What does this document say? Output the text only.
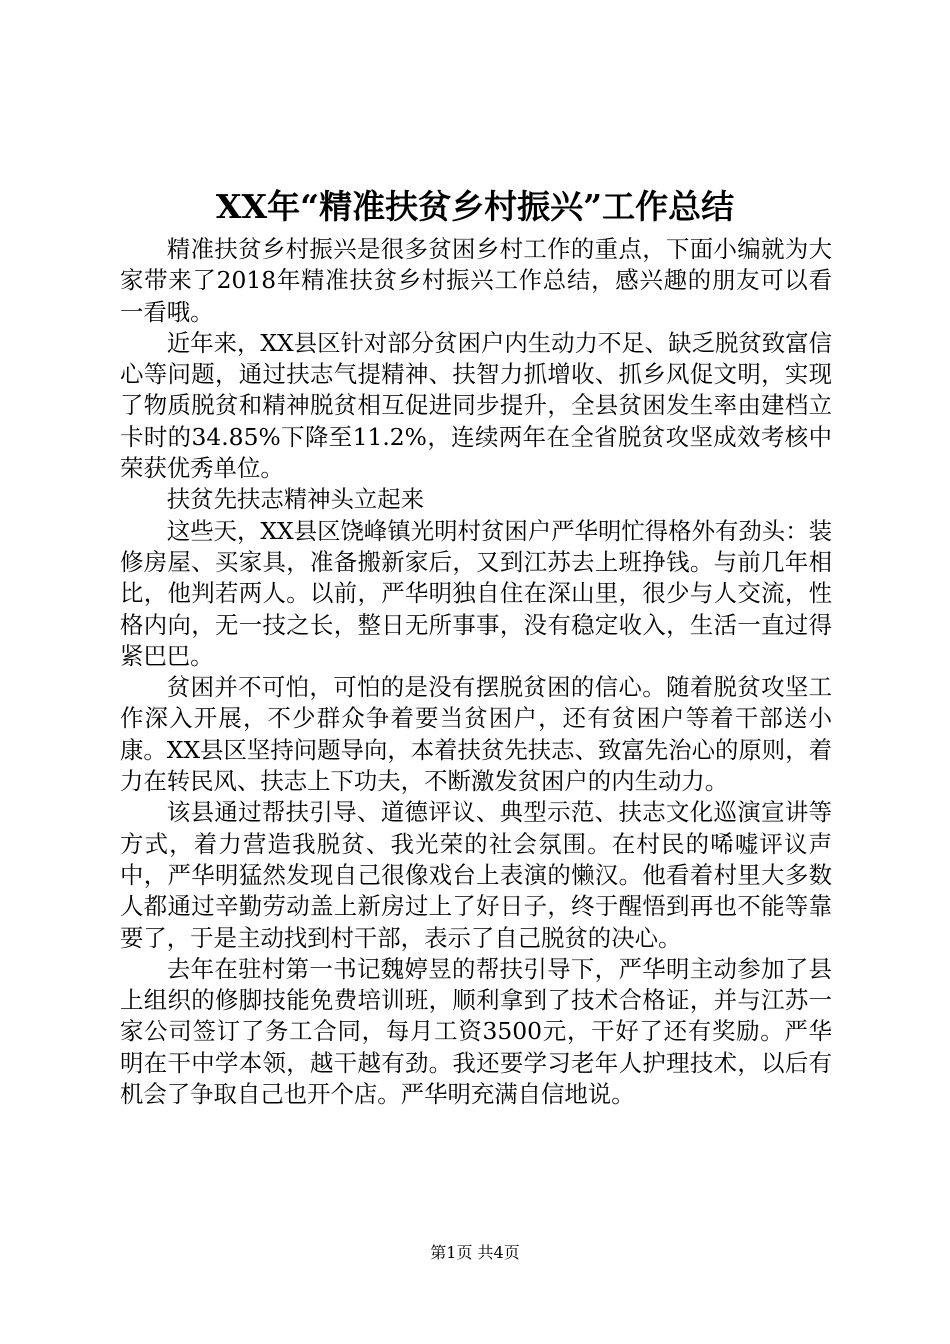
XX年“精准扶贫乡村振兴”工作总结

精准扶贫乡村振兴是很多贫困乡村工作的重点，下面小编就为大家带来了2018年精准扶贫乡村振兴工作总结，感兴趣的朋友可以看一看哦。

近年来，XX县区针对部分贫困户内生动力不足、缺乏脱贫致富信心等问题，通过扶志气提精神、扶智力抓增收、抓乡风促文明，实现了物质脱贫和精神脱贫相互促进同步提升，全县贫困发生率由建档立卡时的34.85%下降至11.2%，连续两年在全省脱贫攻坚成效考核中荣获优秀单位。

扶贫先扶志精神头立起来

这些天，XX县区饶峰镇光明村贫困户严华明忙得格外有劲头：装修房屋、买家具，准备搬新家后，又到江苏去上班挣钱。与前几年相比，他判若两人。以前，严华明独自住在深山里，很少与人交流，性格内向，无一技之长，整日无所事事，没有稳定收入，生活一直过得紧巴巴。

贫困并不可怕，可怕的是没有摆脱贫困的信心。随着脱贫攻坚工作深入开展，不少群众争着要当贫困户，还有贫困户等着干部送小康。XX县区坚持问题导向，本着扶贫先扶志、致富先治心的原则，着力在转民风、扶志上下功夫，不断激发贫困户的内生动力。

该县通过帮扶引导、道德评议、典型示范、扶志文化巡演宣讲等方式，着力营造我脱贫、我光荣的社会氛围。在村民的唏嘘评议声中，严华明猛然发现自己很像戏台上表演的懒汉。他看着村里大多数人都通过辛勤劳动盖上新房过上了好日子，终于醒悟到再也不能等靠要了，于是主动找到村干部，表示了自己脱贫的决心。

去年在驻村第一书记魏婷昱的帮扶引导下，严华明主动参加了县上组织的修脚技能免费培训班，顺利拿到了技术合格证，并与江苏一家公司签订了务工合同，每月工资3500元，干好了还有奖励。严华明在干中学本领，越干越有劲。我还要学习老年人护理技术，以后有机会了争取自己也开个店。严华明充满自信地说。

第1页 共4页
